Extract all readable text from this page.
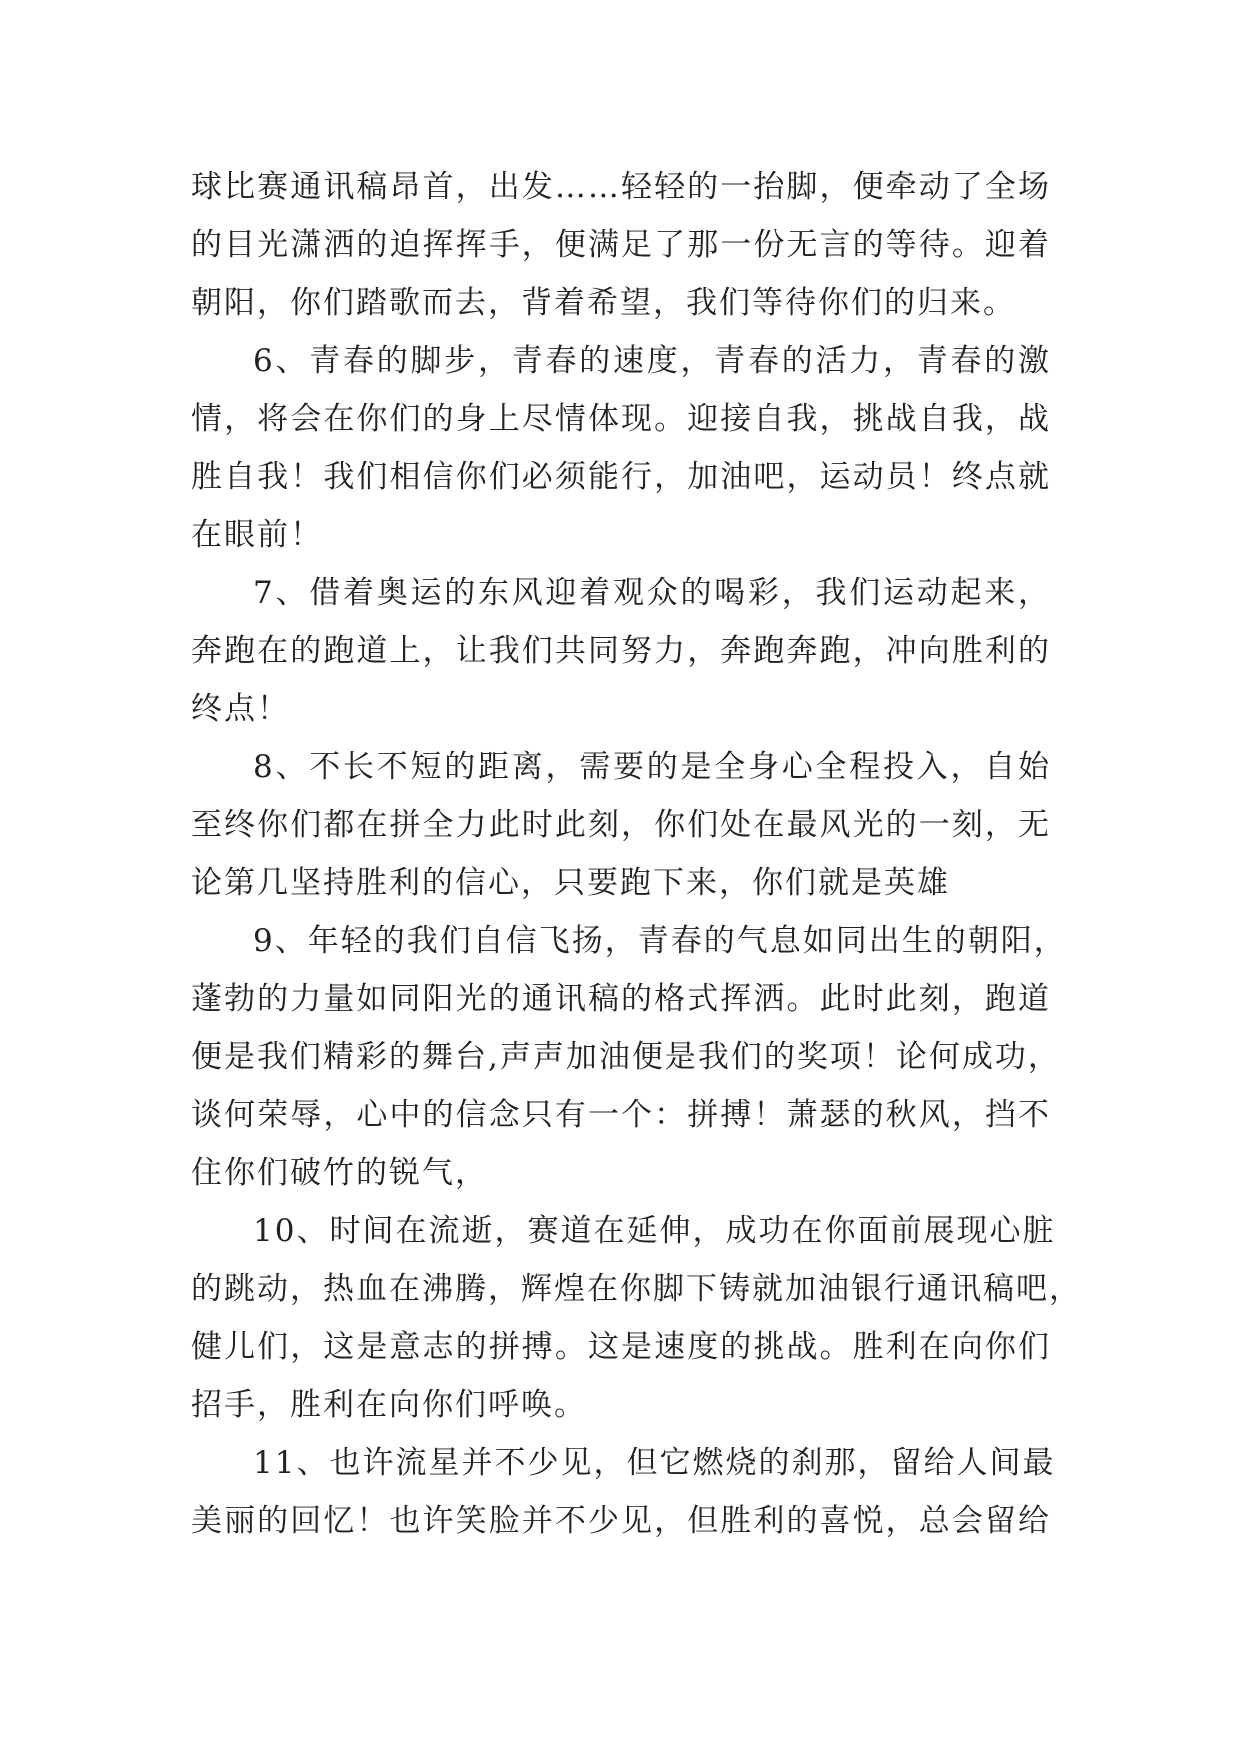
球比赛通讯稿昂首，出发……轻轻的一抬脚，便牵动了全场

的目光潇洒的迫挥挥手，便满足了那一份无言的等待。迎着

朝阳，你们踏歌而去，背着希望，我们等待你们的归来。

6、青春的脚步，青春的速度，青春的活力，青春的激

情，将会在你们的身上尽情体现。迎接自我，挑战自我，战

胜自我！我们相信你们必须能行，加油吧，运动员！终点就

在眼前！

7、借着奥运的东风迎着观众的喝彩，我们运动起来，

奔跑在的跑道上，让我们共同努力，奔跑奔跑，冲向胜利的

终点！

8、不长不短的距离，需要的是全身心全程投入，自始

至终你们都在拼全力此时此刻，你们处在最风光的一刻，无

论第几坚持胜利的信心，只要跑下来，你们就是英雄

9、年轻的我们自信飞扬，青春的气息如同出生的朝阳，

蓬勃的力量如同阳光的通讯稿的格式挥洒。此时此刻，跑道

便是我们精彩的舞台,声声加油便是我们的奖项！论何成功，

谈何荣辱，心中的信念只有一个：拼搏！萧瑟的秋风，挡不

住你们破竹的锐气，

10、时间在流逝，赛道在延伸，成功在你面前展现心脏

的跳动，热血在沸腾，辉煌在你脚下铸就加油银行通讯稿吧，

健儿们，这是意志的拼搏。这是速度的挑战。胜利在向你们

招手，胜利在向你们呼唤。

11、也许流星并不少见，但它燃烧的刹那，留给人间最

美丽的回忆！也许笑脸并不少见，但胜利的喜悦，总会留给
